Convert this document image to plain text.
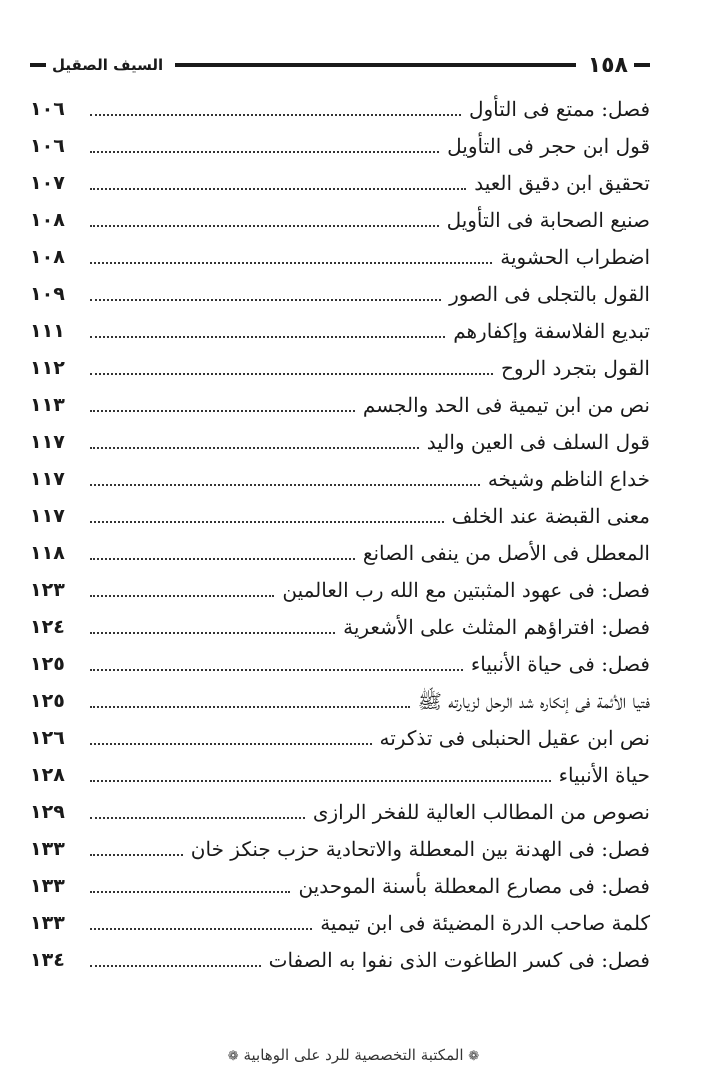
١٥٨
السيف الصقيل
فصل: ممتع فى التأول
١٠٦
قول ابن حجر فى التأويل
١٠٦
تحقيق ابن دقيق العيد
١٠٧
صنيع الصحابة فى التأويل
١٠٨
اضطراب الحشوية
١٠٨
القول بالتجلى فى الصور
١٠٩
تبديع الفلاسفة وإكفارهم
١١١
القول بتجرد الروح
١١٢
نص من ابن تيمية فى الحد والجسم
١١٣
قول السلف فى العين واليد
١١٧
خداع الناظم وشيخه
١١٧
معنى القبضة عند الخلف
١١٧
المعطل فى الأصل من ينفى الصانع
١١٨
فصل: فى عهود المثبتين مع الله رب العالمين
١٢٣
فصل: افتراؤهم المثلث على الأشعرية
١٢٤
فصل: فى حياة الأنبياء
١٢٥
فتيا الأئمة فى إنكاره شد الرحل لزيارته ﷺ
١٢٥
نص ابن عقيل الحنبلى فى تذكرته
١٢٦
حياة الأنبياء
١٢٨
نصوص من المطالب العالية للفخر الرازى
١٢٩
فصل: فى الهدنة بين المعطلة والاتحادية حزب جنكز خان
١٣٣
فصل: فى مصارع المعطلة بأسنة الموحدين
١٣٣
كلمة صاحب الدرة المضيئة فى ابن تيمية
١٣٣
فصل: فى كسر الطاغوت الذى نفوا به الصفات
١٣٤
❁ المكتبة التخصصية للرد على الوهابية ❁
